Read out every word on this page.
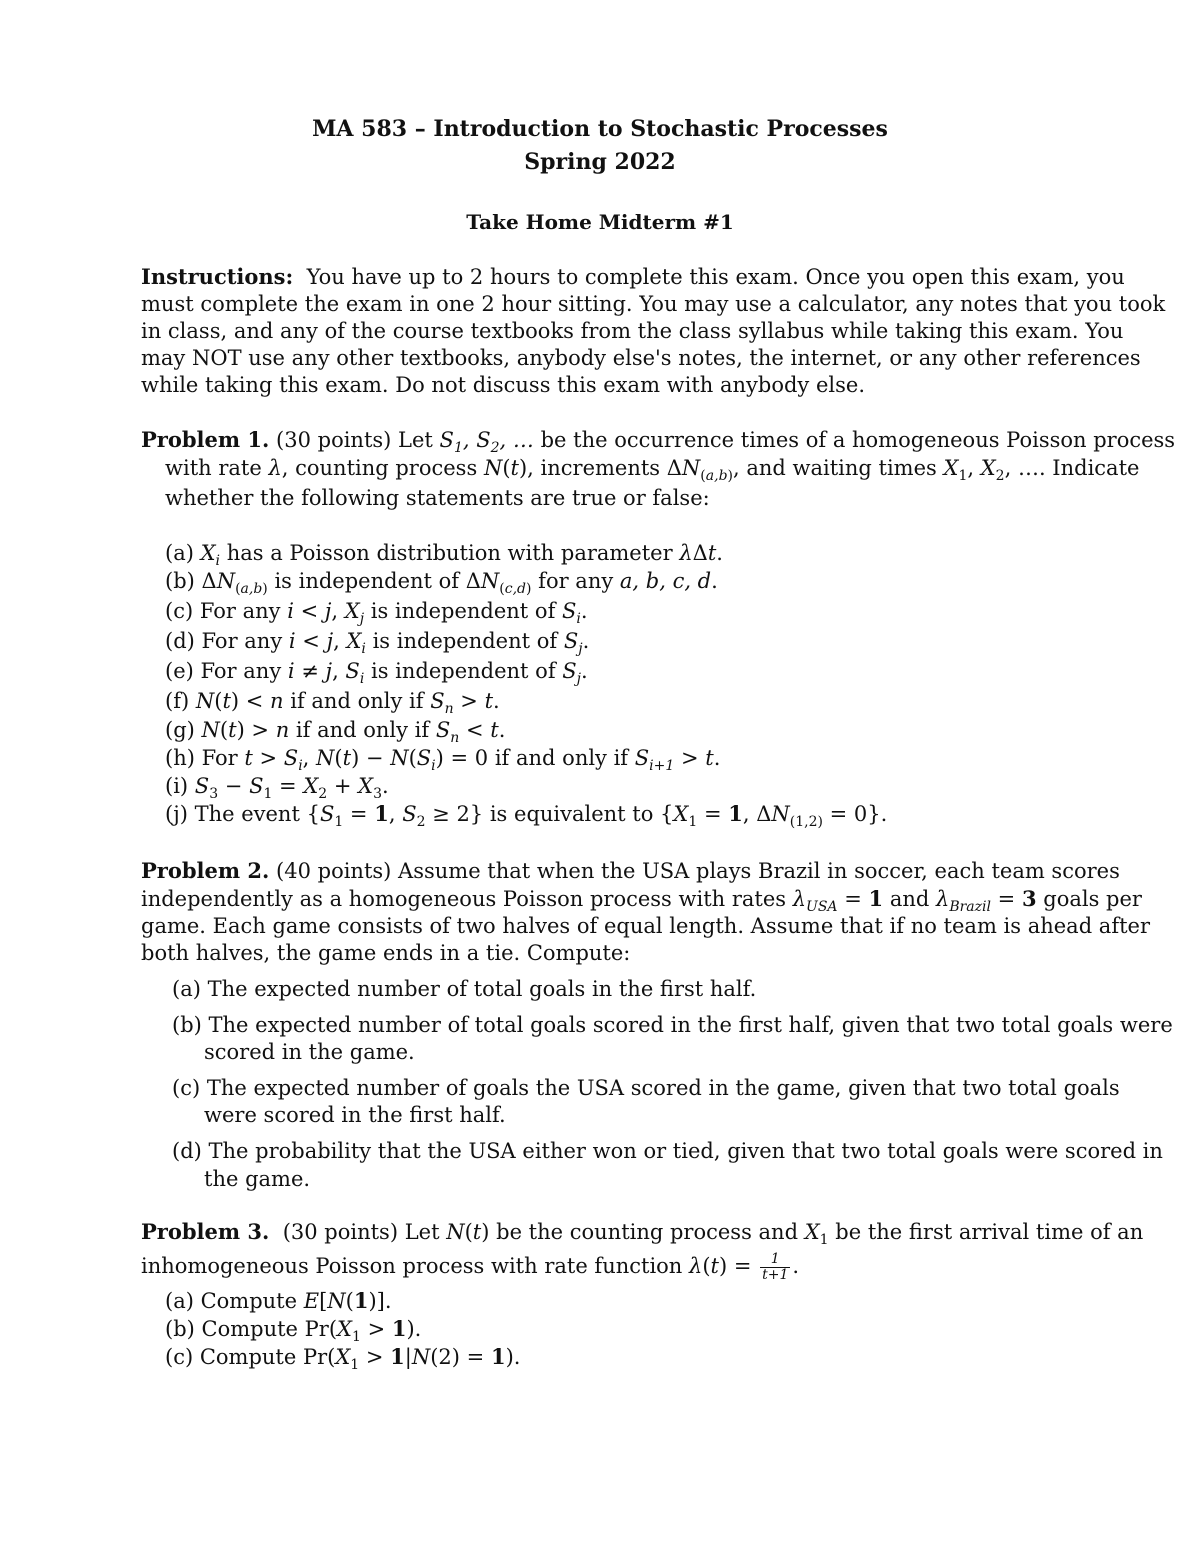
MA 583 – Introduction to Stochastic Processes
Spring 2022
Take Home Midterm #1
Instructions: You have up to 2 hours to complete this exam. Once you open this exam, you
must complete the exam in one 2 hour sitting. You may use a calculator, any notes that you took
in class, and any of the course textbooks from the class syllabus while taking this exam. You
may NOT use any other textbooks, anybody else's notes, the internet, or any other references
while taking this exam. Do not discuss this exam with anybody else.
Problem 1. (30 points) Let $S_1$, $S_2$, … be the occurrence times of a homogeneous Poisson process
with rate λ, counting process N(t), increments $\Delta N_{(a,b)}$, and waiting times $X_1$, $X_2$, …. Indicate
whether the following statements are true or false:
(a) $X_i$ has a Poisson distribution with parameter λΔt.
(b) $\Delta N_{(a,b)}$ is independent of $\Delta N_{(c,d)}$ for any a, b, c, d.
(c) For any i < j, $X_j$ is independent of $S_i$.
(d) For any i < j, $X_i$ is independent of $S_j$.
(e) For any i ≠ j, $S_i$ is independent of $S_j$.
(f) N(t) < n if and only if $S_n > t$.
(g) N(t) > n if and only if $S_n < t$.
(h) For $t > S_i$, $N(t) - N(S_i) = 0$ if and only if $S_{i+1} > t$.
(i) $S_3 - S_1 = X_2 + X_3$.
(j) The event {$S_1 = 1$, $S_2 \ge 2$} is equivalent to {$X_1 = 1$, $\Delta N_{(1,2)} = 0$}.
Problem 2. (40 points) Assume that when the USA plays Brazil in soccer, each team scores
independently as a homogeneous Poisson process with rates $\lambda_{USA} = 1$ and $\lambda_{Brazil} = 3$ goals per
game. Each game consists of two halves of equal length. Assume that if no team is ahead after
both halves, the game ends in a tie. Compute:
(a) The expected number of total goals in the first half.
(b) The expected number of total goals scored in the first half, given that two total goals were
scored in the game.
(c) The expected number of goals the USA scored in the game, given that two total goals
were scored in the first half.
(d) The probability that the USA either won or tied, given that two total goals were scored in
the game.
Problem 3. (30 points) Let N(t) be the counting process and $X_1$ be the first arrival time of an
inhomogeneous Poisson process with rate function $\lambda(t) = \frac{1}{t+1}$ .
(a) Compute E[N(1)].
(b) Compute $Pr(X_1 > 1)$.
(c) Compute $Pr(X_1 > 1|N(2) = 1)$.
